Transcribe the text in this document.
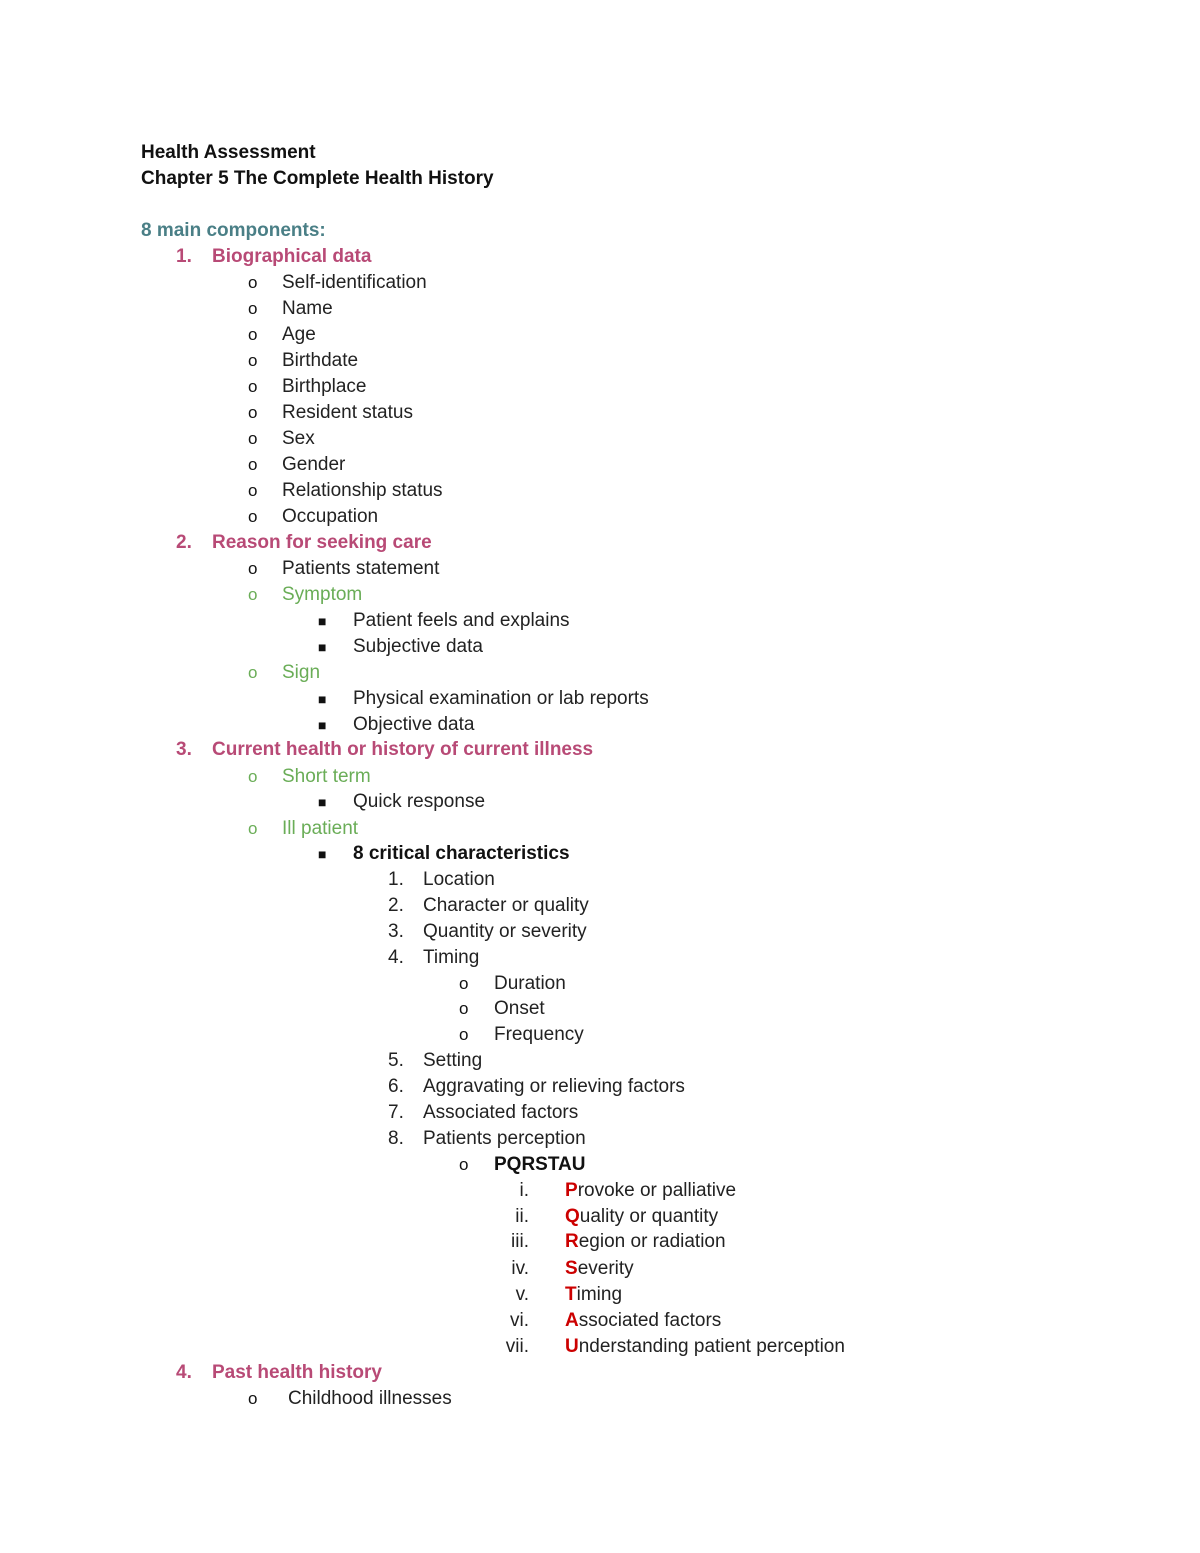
Health Assessment
Chapter 5 The Complete Health History
8 main components:
1. Biographical data
o Self-identification
o Name
o Age
o Birthdate
o Birthplace
o Resident status
o Sex
o Gender
o Relationship status
o Occupation
2. Reason for seeking care
o Patients statement
o Symptom
■ Patient feels and explains
■ Subjective data
o Sign
■ Physical examination or lab reports
■ Objective data
3. Current health or history of current illness
o Short term
■ Quick response
o Ill patient
■ 8 critical characteristics
1. Location
2. Character or quality
3. Quantity or severity
4. Timing
o Duration
o Onset
o Frequency
5. Setting
6. Aggravating or relieving factors
7. Associated factors
8. Patients perception
o PQRSTAU
i. Provoke or palliative
ii. Quality or quantity
iii. Region or radiation
iv. Severity
v. Timing
vi. Associated factors
vii. Understanding patient perception
4. Past health history
o Childhood illnesses
